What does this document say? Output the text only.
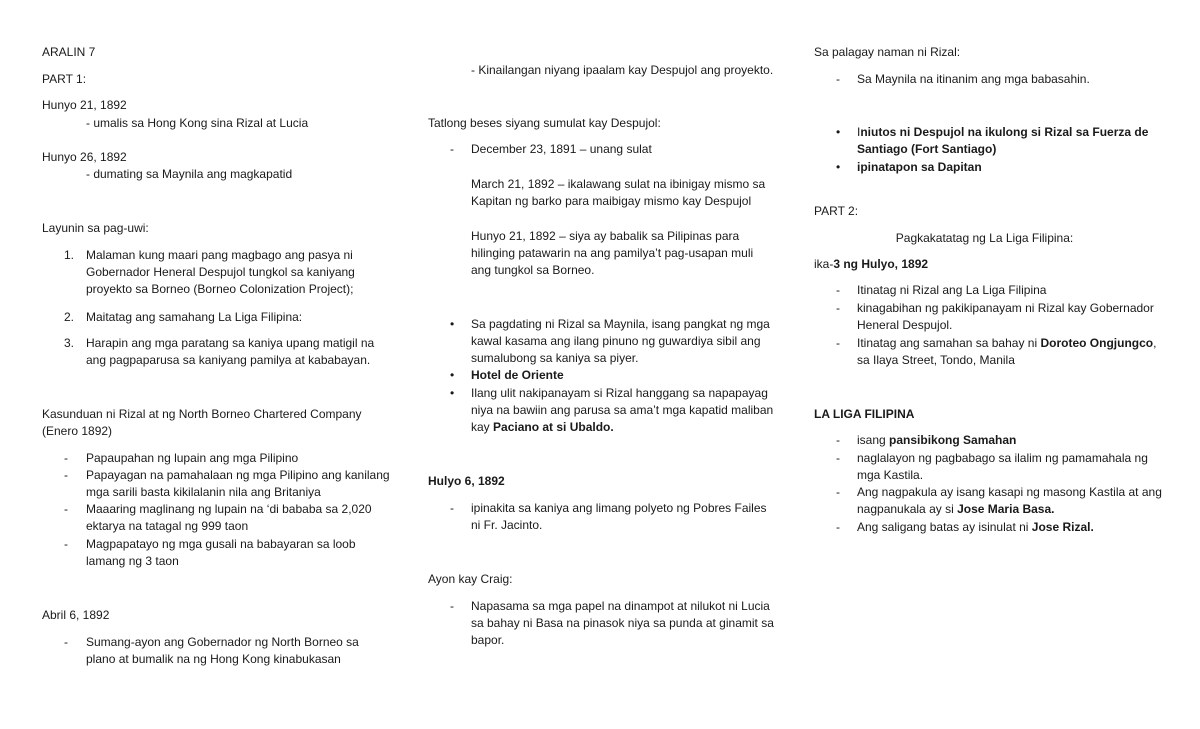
ARALIN 7
PART 1:
Hunyo 21, 1892
- umalis sa Hong Kong sina Rizal at Lucia
Hunyo 26, 1892
- dumating sa Maynila ang magkapatid
Layunin sa pag-uwi:
1. Malaman kung maari pang magbago ang pasya ni
Gobernador Heneral Despujol tungkol sa kaniyang
proyekto sa Borneo (Borneo Colonization Project);
2. Maitatag ang samahang La Liga Filipina:
3. Harapin ang mga paratang sa kaniya upang matigil na
ang pagpaparusa sa kaniyang pamilya at kababayan.
Kasunduan ni Rizal at ng North Borneo Chartered Company
(Enero 1892)
- Papaupahan ng lupain ang mga Pilipino
- Papayagan na pamahalaan ng mga Pilipino ang kanilang
mga sarili basta kikilalanin nila ang Britaniya
- Maaaring maglinang ng lupain na ‘di bababa sa 2,020
ektarya na tatagal ng 999 taon
- Magpapatayo ng mga gusali na babayaran sa loob
lamang ng 3 taon
Abril 6, 1892
- Sumang-ayon ang Gobernador ng North Borneo sa
plano at bumalik na ng Hong Kong kinabukasan
- Kinailangan niyang ipaalam kay Despujol ang proyekto.
Tatlong beses siyang sumulat kay Despujol:
- December 23, 1891 – unang sulat
March 21, 1892 – ikalawang sulat na ibinigay mismo sa
Kapitan ng barko para maibigay mismo kay Despujol
Hunyo 21, 1892 – siya ay babalik sa Pilipinas para
hilinging patawarin na ang pamilya’t pag-usapan muli
ang tungkol sa Borneo.
• Sa pagdating ni Rizal sa Maynila, isang pangkat ng mga
kawal kasama ang ilang pinuno ng guwardiya sibil ang
sumalubong sa kaniya sa piyer.
• Hotel de Oriente
• Ilang ulit nakipanayam si Rizal hanggang sa napapayag
niya na bawiin ang parusa sa ama’t mga kapatid maliban
kay Paciano at si Ubaldo.
Hulyo 6, 1892
- ipinakita sa kaniya ang limang polyeto ng Pobres Failes
ni Fr. Jacinto.
Ayon kay Craig:
- Napasama sa mga papel na dinampot at nilukot ni Lucia
sa bahay ni Basa na pinasok niya sa punda at ginamit sa
bapor.
Sa palagay naman ni Rizal:
- Sa Maynila na itinanim ang mga babasahin.
• Iniutos ni Despujol na ikulong si Rizal sa Fuerza de
Santiago (Fort Santiago)
• ipinatapon sa Dapitan
PART 2:
Pagkakatatag ng La Liga Filipina:
ika-3 ng Hulyo, 1892
- Itinatag ni Rizal ang La Liga Filipina
- kinagabihan ng pakikipanayam ni Rizal kay Gobernador
Heneral Despujol.
- Itinatag ang samahan sa bahay ni Doroteo Ongjungco,
sa Ilaya Street, Tondo, Manila
LA LIGA FILIPINA
- isang pansibikong Samahan
- naglalayon ng pagbabago sa ilalim ng pamamahala ng
mga Kastila.
- Ang nagpakula ay isang kasapi ng masong Kastila at ang
nagpanukala ay si Jose Maria Basa.
- Ang saligang batas ay isinulat ni Jose Rizal.
